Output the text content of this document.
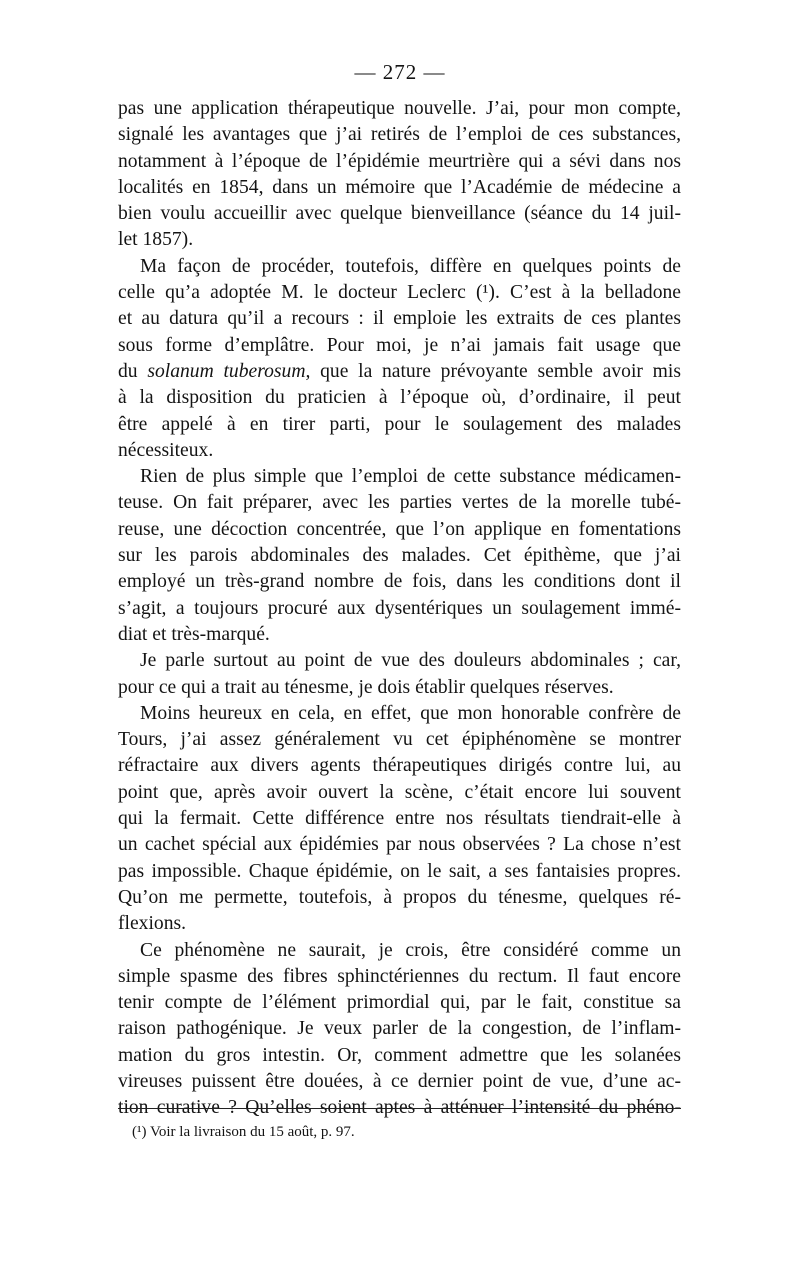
— 272 —
pas une application thérapeutique nouvelle. J’ai, pour mon compte,
signalé les avantages que j’ai retirés de l’emploi de ces substances,
notamment à l’époque de l’épidémie meurtrière qui a sévi dans nos
localités en 1854, dans un mémoire que l’Académie de médecine a
bien voulu accueillir avec quelque bienveillance (séance du 14 juil-
let 1857).
Ma façon de procéder, toutefois, diffère en quelques points de
celle qu’a adoptée M. le docteur Leclerc (¹). C’est à la belladone
et au datura qu’il a recours : il emploie les extraits de ces plantes
sous forme d’emplâtre. Pour moi, je n’ai jamais fait usage que
du solanum tuberosum, que la nature prévoyante semble avoir mis
à la disposition du praticien à l’époque où, d’ordinaire, il peut
être appelé à en tirer parti, pour le soulagement des malades
nécessiteux.
Rien de plus simple que l’emploi de cette substance médicamen-
teuse. On fait préparer, avec les parties vertes de la morelle tubé-
reuse, une décoction concentrée, que l’on applique en fomentations
sur les parois abdominales des malades. Cet épithème, que j’ai
employé un très-grand nombre de fois, dans les conditions dont il
s’agit, a toujours procuré aux dysentériques un soulagement immé-
diat et très-marqué.
Je parle surtout au point de vue des douleurs abdominales ; car,
pour ce qui a trait au ténesme, je dois établir quelques réserves.
Moins heureux en cela, en effet, que mon honorable confrère de
Tours, j’ai assez généralement vu cet épiphénomène se montrer
réfractaire aux divers agents thérapeutiques dirigés contre lui, au
point que, après avoir ouvert la scène, c’était encore lui souvent
qui la fermait. Cette différence entre nos résultats tiendrait-elle à
un cachet spécial aux épidémies par nous observées ? La chose n’est
pas impossible. Chaque épidémie, on le sait, a ses fantaisies propres.
Qu’on me permette, toutefois, à propos du ténesme, quelques ré-
flexions.
Ce phénomène ne saurait, je crois, être considéré comme un
simple spasme des fibres sphinctériennes du rectum. Il faut encore
tenir compte de l’élément primordial qui, par le fait, constitue sa
raison pathogénique. Je veux parler de la congestion, de l’inflam-
mation du gros intestin. Or, comment admettre que les solanées
vireuses puissent être douées, à ce dernier point de vue, d’une ac-
tion curative ? Qu’elles soient aptes à atténuer l’intensité du phéno-
(¹) Voir la livraison du 15 août, p. 97.
